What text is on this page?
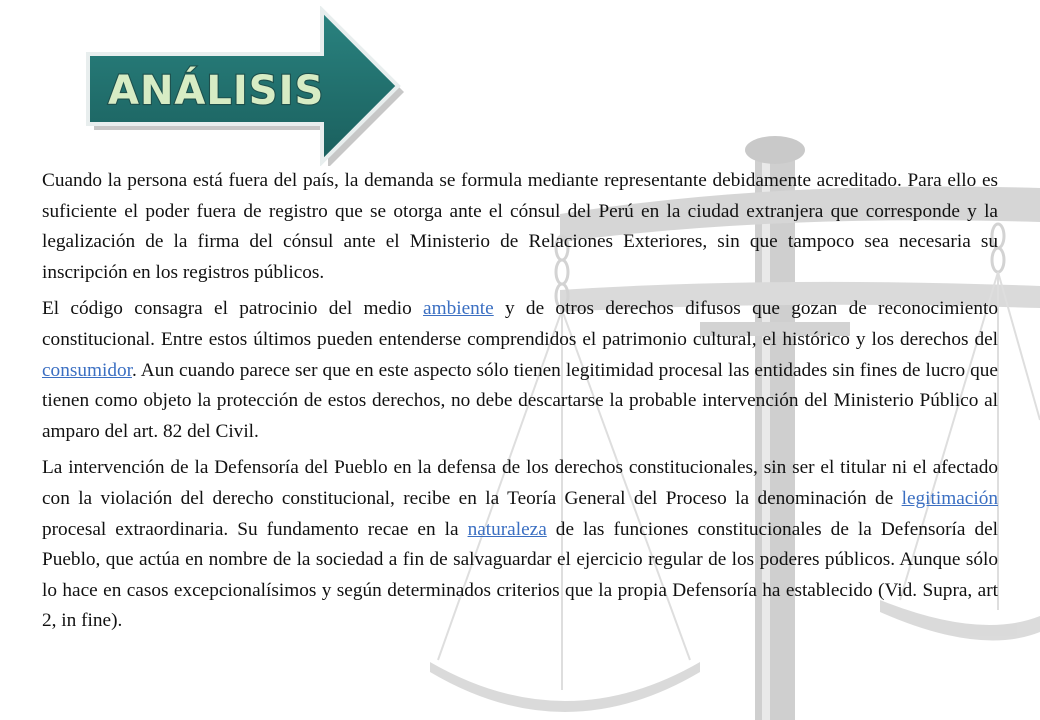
ANÁLISIS

Cuando la persona está fuera del país, la demanda se formula mediante representante debidamente acreditado. Para ello es suficiente el poder fuera de registro que se otorga ante el cónsul del Perú en la ciudad extranjera que corresponde y la legalización de la firma del cónsul ante el Ministerio de Relaciones Exteriores, sin que tampoco sea necesaria su inscripción en los registros públicos.

El código consagra el patrocinio del medio ambiente y de otros derechos difusos que gozan de reconocimiento constitucional. Entre estos últimos pueden entenderse comprendidos el patrimonio cultural, el histórico y los derechos del consumidor. Aun cuando parece ser que en este aspecto sólo tienen legitimidad procesal las entidades sin fines de lucro que tienen como objeto la protección de estos derechos, no debe descartarse la probable intervención del Ministerio Público al amparo del art. 82 del Civil.

La intervención de la Defensoría del Pueblo en la defensa de los derechos constitucionales, sin ser el titular ni el afectado con la violación del derecho constitucional, recibe en la Teoría General del Proceso la denominación de legitimación procesal extraordinaria. Su fundamento recae en la naturaleza de las funciones constitucionales de la Defensoría del Pueblo, que actúa en nombre de la sociedad a fin de salvaguardar el ejercicio regular de los poderes públicos. Aunque sólo lo hace en casos excepcionalísimos y según determinados criterios que la propia Defensoría ha establecido (Vid. Supra, art 2, in fine).
